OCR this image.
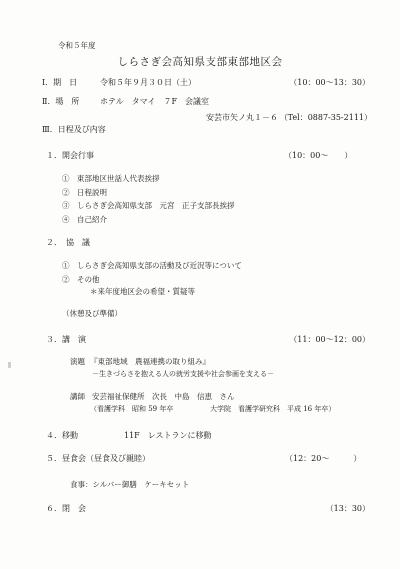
令和５年度
しらさぎ会高知県支部東部地区会
Ⅰ．期　日	令和５年９月３０日（土）	（10：00～13：30）
Ⅱ．場　所	ホテル　タマイ　７F　会議室
安芸市矢ノ丸１－６ （Tel：0887-35-2111）
Ⅲ．日程及び内容
１．開会行事	（10：00～　　）
①　東部地区世話人代表挨拶
②　日程説明
③　しらさぎ会高知県支部　元宮　正子支部長挨拶
④　自己紹介
２．　協　議
①　しらさぎ会高知県支部の活動及び近況等について
②　その他
＊来年度地区会の希望・質疑等
（休憩及び準備）
３．講　演	（11：00～12：00）
演題 『東部地域　農福連携の取り組み』
－生きづらさを抱える人の就労支援や社会参画を支える－
講師 安芸福祉保健所　次長　中島　信恵　さん
（看護学科　昭和 59 年卒	大学院　看護学研究科　平成 16 年卒）
４．移動	11F　レストランに移動
５．昼食会（昼食及び親睦）	（12：20～　　　）
食事：シルバー御膳　ケーキセット
６．閉　会	（13：30）
